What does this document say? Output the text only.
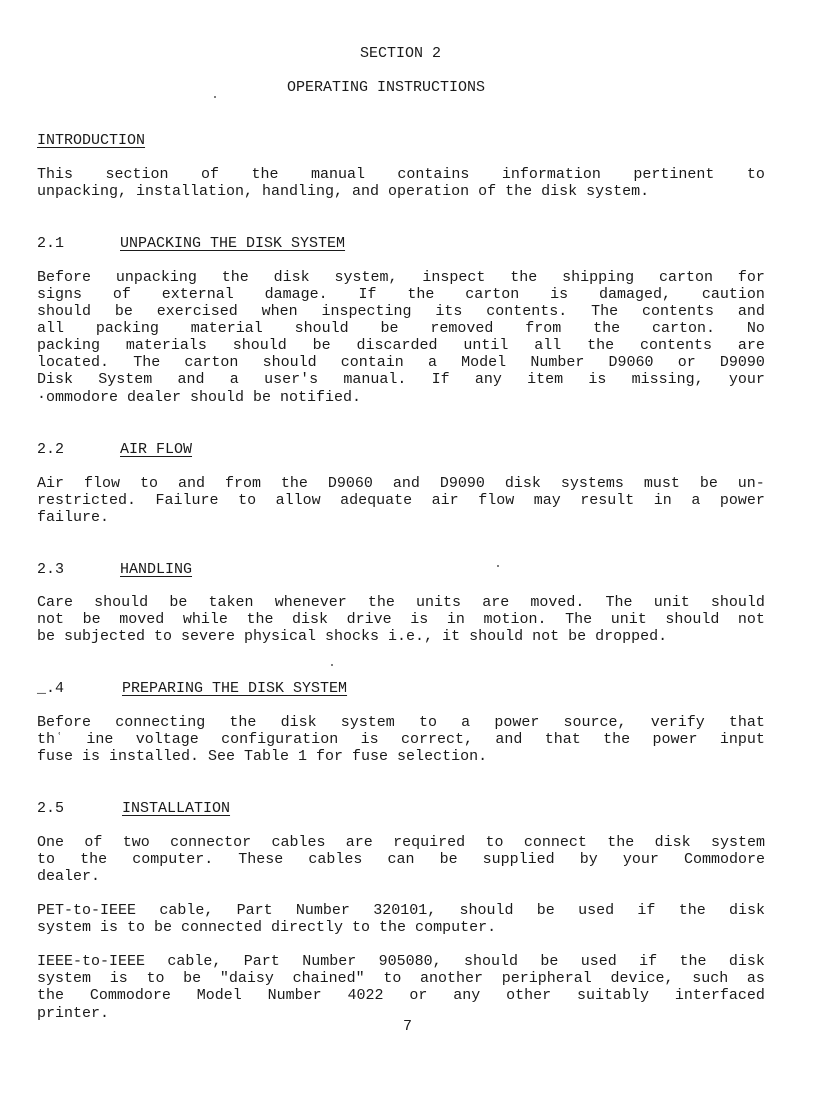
SECTION 2
OPERATING INSTRUCTIONS
INTRODUCTION
This section of the manual contains information pertinent to
unpacking, installation, handling, and operation of the disk system.
2.1	UNPACKING THE DISK SYSTEM
Before unpacking the disk system, inspect the shipping carton for
signs of external damage. If the carton is damaged, caution
should be exercised when inspecting its contents. The contents and
all packing material should be removed from the carton. No
packing materials should be discarded until all the contents are
located. The carton should contain a Model Number D9060 or D9090
Disk System and a user's manual. If any item is missing, your
·ommodore dealer should be notified.
2.2	AIR FLOW
Air flow to and from the D9060 and D9090 disk systems must be un-
restricted. Failure to allow adequate air flow may result in a power
failure.
2.3	HANDLING
Care should be taken whenever the units are moved. The unit should
not be moved while the disk drive is in motion. The unit should not
be subjected to severe physical shocks i.e., it should not be dropped.
_.4	PREPARING THE DISK SYSTEM
Before connecting the disk system to a power source, verify that
thʿ ine voltage configuration is correct, and that the power input
fuse is installed. See Table 1 for fuse selection.
2.5	INSTALLATION
One of two connector cables are required to connect the disk system
to the computer. These cables can be supplied by your Commodore
dealer.
PET-to-IEEE cable, Part Number 320101, should be used if the disk
system is to be connected directly to the computer.
IEEE-to-IEEE cable, Part Number 905080, should be used if the disk
system is to be "daisy chained" to another peripheral device, such as
the Commodore Model Number 4022 or any other suitably interfaced
printer.
7
